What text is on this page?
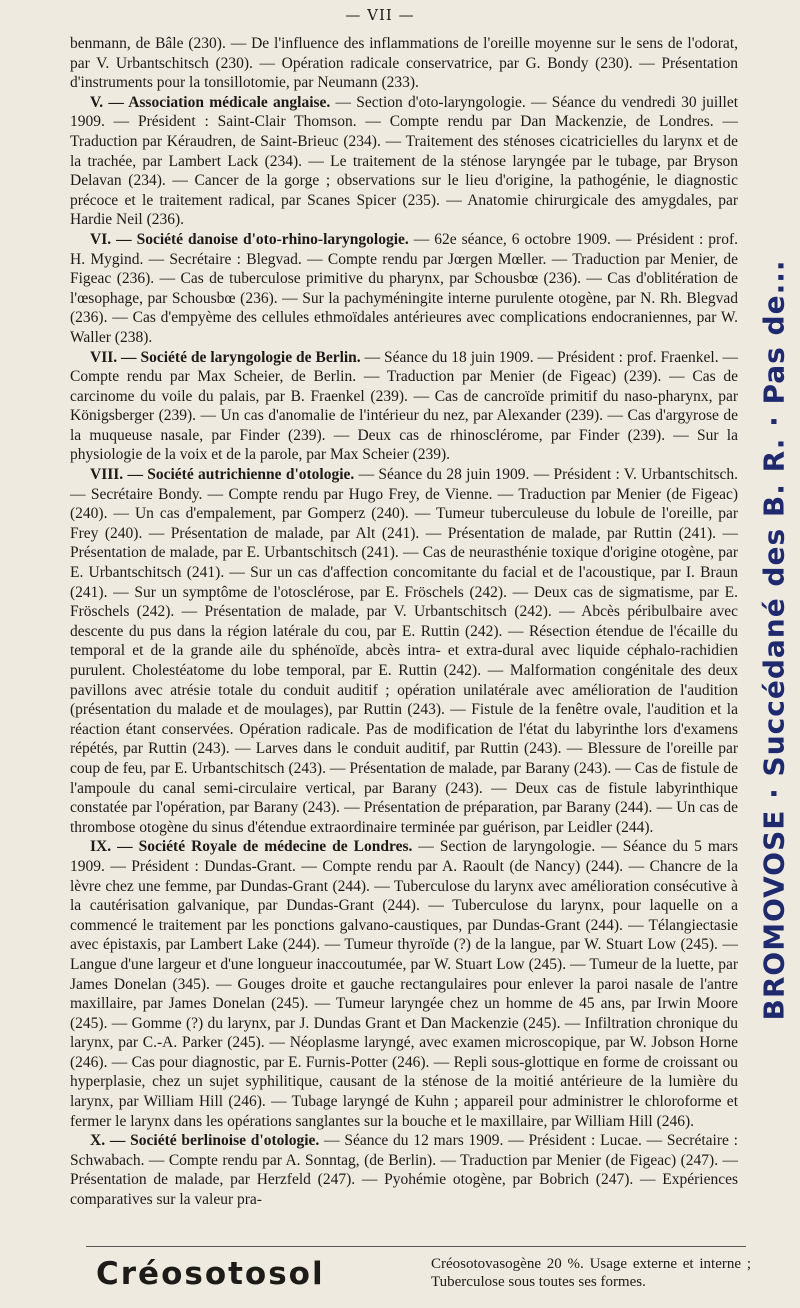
— VII —

benmann, de Bâle (230). — De l'influence des inflammations de l'oreille moyenne sur le sens de l'odorat, par V. Urbantschitsch (230). — Opération radicale conservatrice, par G. Bondy (230). — Présentation d'instruments pour la tonsillotomie, par Neumann (233).

V. — Association médicale anglaise. — Section d'oto-laryngologie. — Séance du vendredi 30 juillet 1909. — Président : Saint-Clair Thomson. — Compte rendu par Dan Mackenzie, de Londres. — Traduction par Kéraudren, de Saint-Brieuc (234). — Traitement des sténoses cicatricielles du larynx et de la trachée, par Lambert Lack (234). — Le traitement de la sténose laryngée par le tubage, par Bryson Delavan (234). — Cancer de la gorge ; observations sur le lieu d'origine, la pathogénie, le diagnostic précoce et le traitement radical, par Scanes Spicer (235). — Anatomie chirurgicale des amygdales, par Hardie Neil (236).

VI. — Société danoise d'oto-rhino-laryngologie. — 62e séance, 6 octobre 1909. — Président : prof. H. Mygind. — Secrétaire : Blegvad. — Compte rendu par Jœrgen Mœller. — Traduction par Menier, de Figeac (236). — Cas de tuberculose primitive du pharynx, par Schousbœ (236). — Cas d'oblitération de l'œsophage, par Schousbœ (236). — Sur la pachyméningite interne purulente otogène, par N. Rh. Blegvad (236). — Cas d'empyème des cellules ethmoïdales antérieures avec complications endocraniennes, par W. Waller (238).

VII. — Société de laryngologie de Berlin. — Séance du 18 juin 1909. — Président : prof. Fraenkel. — Compte rendu par Max Scheier, de Berlin. — Traduction par Menier (de Figeac) (239). — Cas de carcinome du voile du palais, par B. Fraenkel (239). — Cas de cancroïde primitif du naso-pharynx, par Königsberger (239). — Un cas d'anomalie de l'intérieur du nez, par Alexander (239). — Cas d'argyrose de la muqueuse nasale, par Finder (239). — Deux cas de rhinosclérome, par Finder (239). — Sur la physiologie de la voix et de la parole, par Max Scheier (239).

VIII. — Société autrichienne d'otologie. — Séance du 28 juin 1909. — Président : V. Urbantschitsch. — Secrétaire Bondy. — Compte rendu par Hugo Frey, de Vienne. — Traduction par Menier (de Figeac) (240). — Un cas d'empalement, par Gomperz (240). — Tumeur tuberculeuse du lobule de l'oreille, par Frey (240). — Présentation de malade, par Alt (241). — Présentation de malade, par Ruttin (241). — Présentation de malade, par E. Urbantschitsch (241). — Cas de neurasthénie toxique d'origine otogène, par E. Urbantschitsch (241). — Sur un cas d'affection concomitante du facial et de l'acoustique, par I. Braun (241). — Sur un symptôme de l'otosclérose, par E. Fröschels (242). — Deux cas de sigmatisme, par E. Fröschels (242). — Présentation de malade, par V. Urbantschitsch (242). — Abcès péribulbaire avec descente du pus dans la région latérale du cou, par E. Ruttin (242). — Résection étendue de l'écaille du temporal et de la grande aile du sphénoïde, abcès intra- et extra-dural avec liquide céphalo-rachidien purulent. Cholestéatome du lobe temporal, par E. Ruttin (242). — Malformation congénitale des deux pavillons avec atrésie totale du conduit auditif ; opération unilatérale avec amélioration de l'audition (présentation du malade et de moulages), par Ruttin (243). — Fistule de la fenêtre ovale, l'audition et la réaction étant conservées. Opération radicale. Pas de modification de l'état du labyrinthe lors d'examens répétés, par Ruttin (243). — Larves dans le conduit auditif, par Ruttin (243). — Blessure de l'oreille par coup de feu, par E. Urbantschitsch (243). — Présentation de malade, par Barany (243). — Cas de fistule de l'ampoule du canal semi-circulaire vertical, par Barany (243). — Deux cas de fistule labyrinthique constatée par l'opération, par Barany (243). — Présentation de préparation, par Barany (244). — Un cas de thrombose otogène du sinus d'étendue extraordinaire terminée par guérison, par Leidler (244).

IX. — Société Royale de médecine de Londres. — Section de laryngologie. — Séance du 5 mars 1909. — Président : Dundas-Grant. — Compte rendu par A. Raoult (de Nancy) (244). — Chancre de la lèvre chez une femme, par Dundas-Grant (244). — Tuberculose du larynx avec amélioration consécutive à la cautérisation galvanique, par Dundas-Grant (244). — Tuberculose du larynx, pour laquelle on a commencé le traitement par les ponctions galvano-caustiques, par Dundas-Grant (244). — Télangiectasie avec épistaxis, par Lambert Lake (244). — Tumeur thyroïde (?) de la langue, par W. Stuart Low (245). — Langue d'une largeur et d'une longueur inaccoutumée, par W. Stuart Low (245). — Tumeur de la luette, par James Donelan (345). — Gouges droite et gauche rectangulaires pour enlever la paroi nasale de l'antre maxillaire, par James Donelan (245). — Tumeur laryngée chez un homme de 45 ans, par Irwin Moore (245). — Gomme (?) du larynx, par J. Dundas Grant et Dan Mackenzie (245). — Infiltration chronique du larynx, par C.-A. Parker (245). — Néoplasme laryngé, avec examen microscopique, par W. Jobson Horne (246). — Cas pour diagnostic, par E. Furnis-Potter (246). — Repli sous-glottique en forme de croissant ou hyperplasie, chez un sujet syphilitique, causant de la sténose de la moitié antérieure de la lumière du larynx, par William Hill (246). — Tubage laryngé de Kuhn ; appareil pour administrer le chloroforme et fermer le larynx dans les opérations sanglantes sur la bouche et le maxillaire, par William Hill (246).

X. — Société berlinoise d'otologie. — Séance du 12 mars 1909. — Président : Lucae. — Secrétaire : Schwabach. — Compte rendu par A. Sonntag, (de Berlin). — Traduction par Menier (de Figeac) (247). — Présentation de malade, par Herzfeld (247). — Pyohémie otogène, par Bobrich (247). — Expériences comparatives sur la valeur pra-

Créosotosol	Créosotovasogène 20 %. Usage externe et interne ; Tuberculose sous toutes ses formes.
BROMOVOSE · Succédané des B. R. · Pas de...
